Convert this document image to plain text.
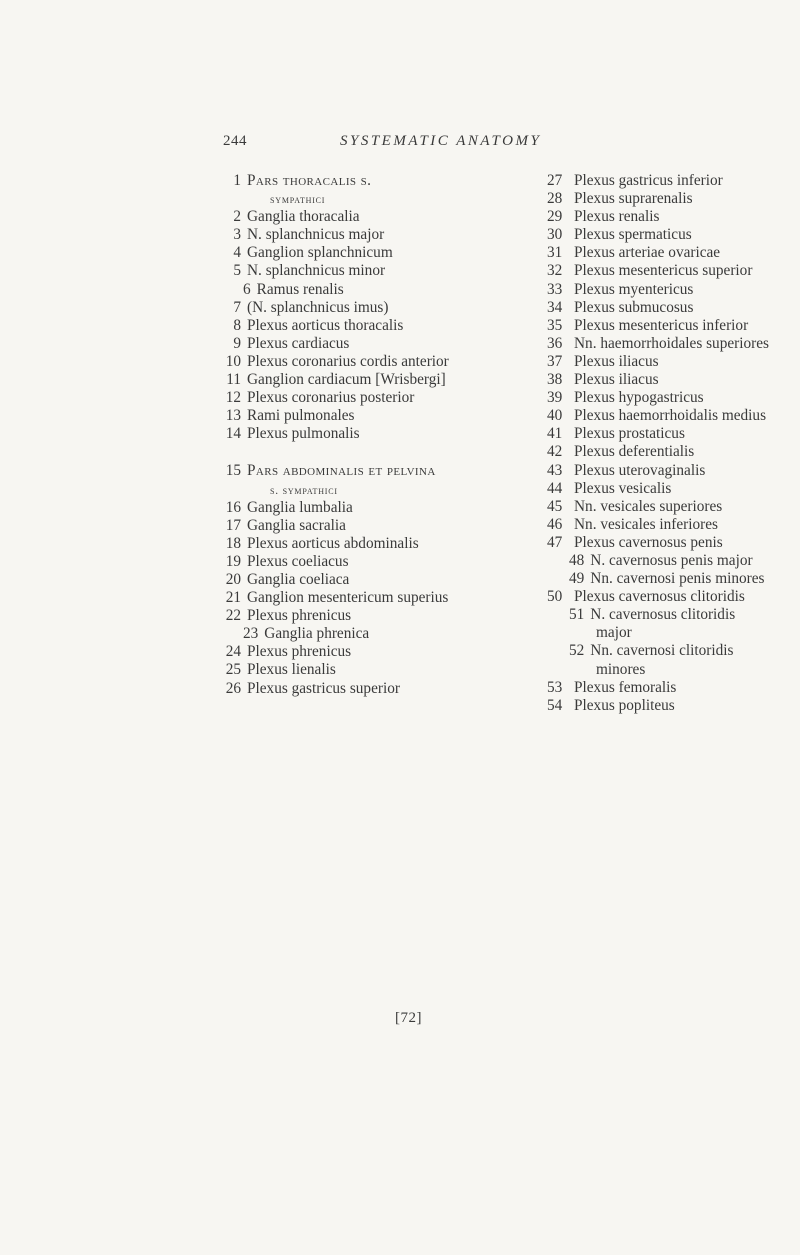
244	SYSTEMATIC ANATOMY
1 Pars thoracalis s.
sympathici
2 Ganglia thoracalia
3 N. splanchnicus major
4 Ganglion splanchnicum
5 N. splanchnicus minor
6 Ramus renalis
7 (N. splanchnicus imus)
8 Plexus aorticus thoracalis
9 Plexus cardiacus
10 Plexus coronarius cordis anterior
11 Ganglion cardiacum [Wrisbergi]
12 Plexus coronarius posterior
13 Rami pulmonales
14 Plexus pulmonalis
15 Pars abdominalis et pelvina
s. sympathici
16 Ganglia lumbalia
17 Ganglia sacralia
18 Plexus aorticus abdominalis
19 Plexus coeliacus
20 Ganglia coeliaca
21 Ganglion mesentericum superius
22 Plexus phrenicus
23 Ganglia phrenica
24 Plexus phrenicus
25 Plexus lienalis
26 Plexus gastricus superior
27 Plexus gastricus inferior
28 Plexus suprarenalis
29 Plexus renalis
30 Plexus spermaticus
31 Plexus arteriae ovaricae
32 Plexus mesentericus superior
33 Plexus myentericus
34 Plexus submucosus
35 Plexus mesentericus inferior
36 Nn. haemorrhoidales superiores
37 Plexus iliacus
38 Plexus iliacus
39 Plexus hypogastricus
40 Plexus haemorrhoidalis medius
41 Plexus prostaticus
42 Plexus deferentialis
43 Plexus uterovaginalis
44 Plexus vesicalis
45 Nn. vesicales superiores
46 Nn. vesicales inferiores
47 Plexus cavernosus penis
48 N. cavernosus penis major
49 Nn. cavernosi penis minores
50 Plexus cavernosus clitoridis
51 N. cavernosus clitoridis
major
52 Nn. cavernosi clitoridis
minores
53 Plexus femoralis
54 Plexus popliteus
[72]
